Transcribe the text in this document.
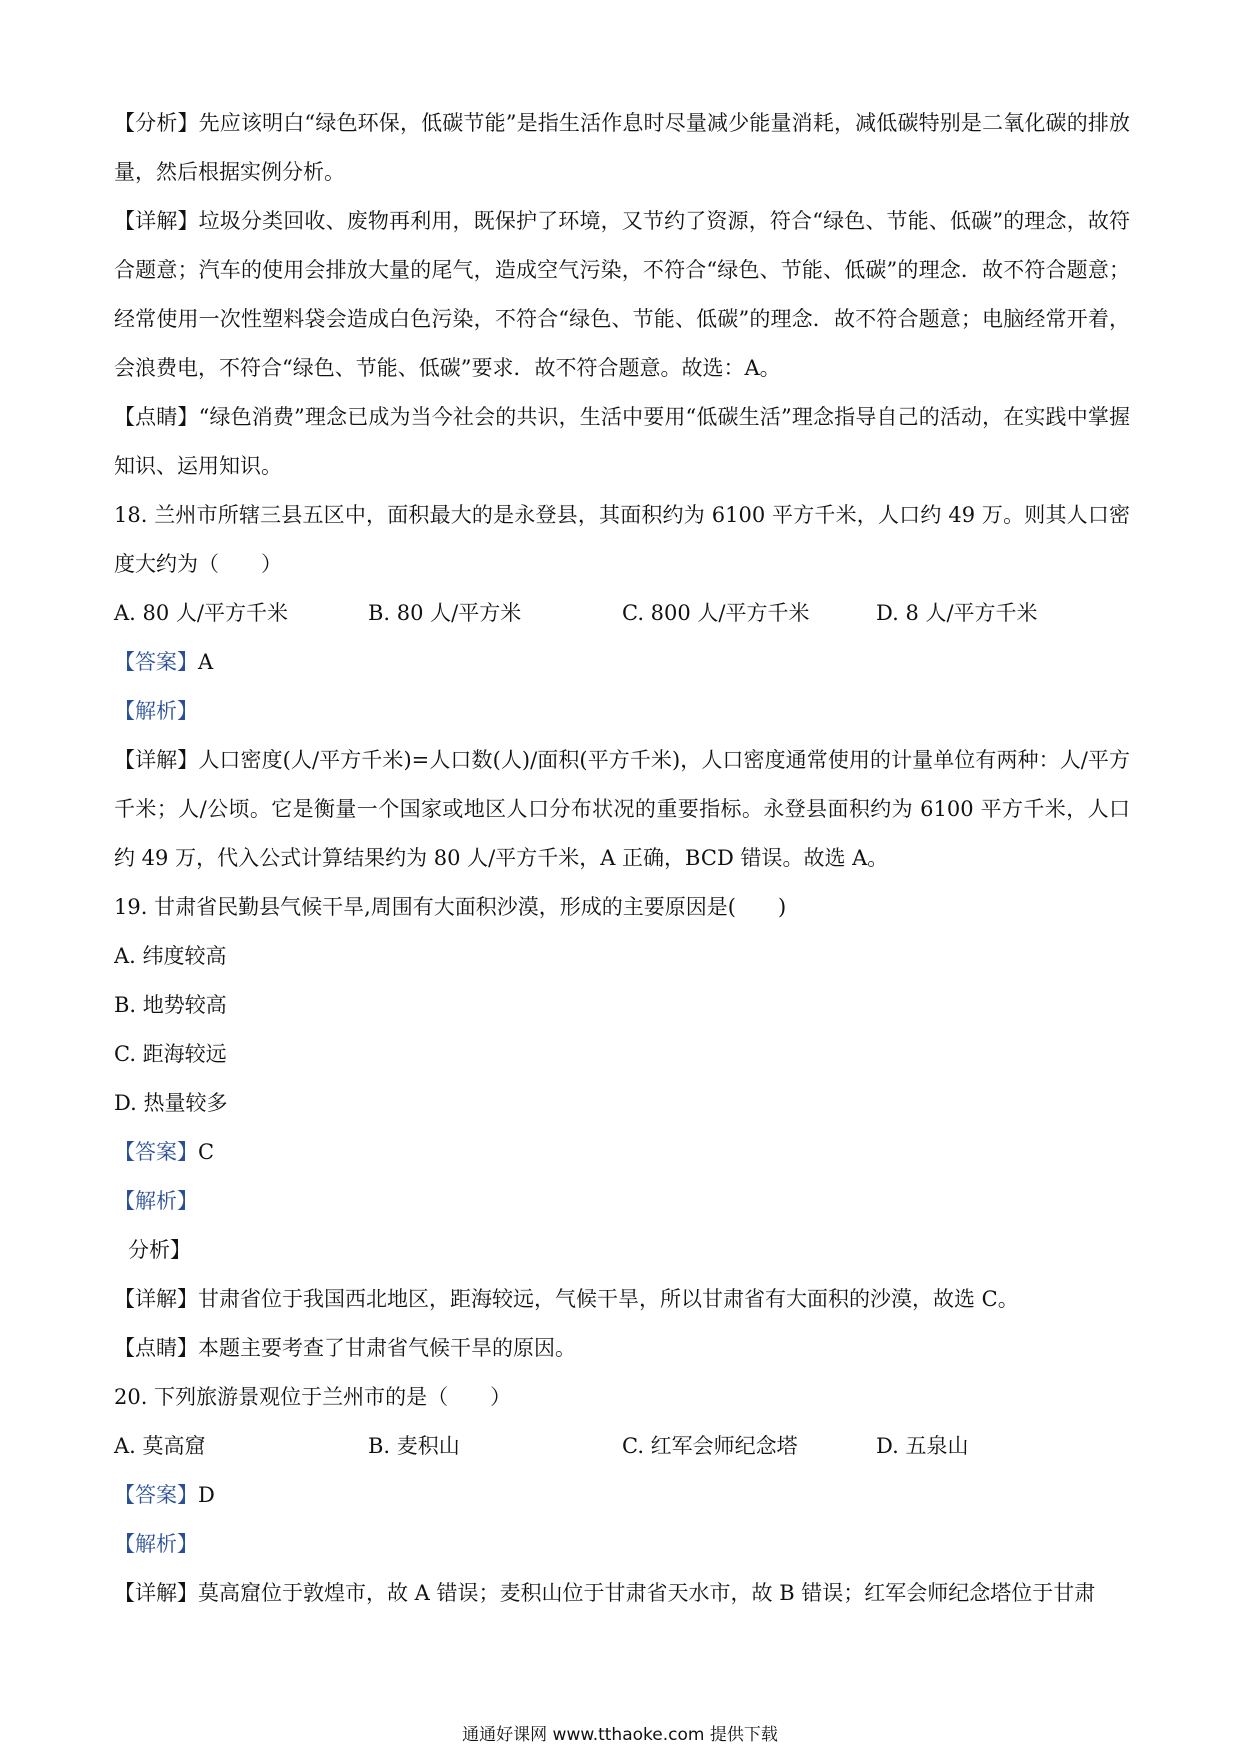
【分析】先应该明白“绿色环保，低碳节能”是指生活作息时尽量减少能量消耗，减低碳特别是二氧化碳的排放量，然后根据实例分析。
【详解】垃圾分类回收、废物再利用，既保护了环境，又节约了资源，符合“绿色、节能、低碳”的理念，故符合题意；汽车的使用会排放大量的尾气，造成空气污染，不符合“绿色、节能、低碳”的理念．故不符合题意；经常使用一次性塑料袋会造成白色污染，不符合“绿色、节能、低碳”的理念．故不符合题意；电脑经常开着，会浪费电，不符合“绿色、节能、低碳”要求．故不符合题意。故选：A。
【点睛】“绿色消费”理念已成为当今社会的共识，生活中要用“低碳生活”理念指导自己的活动，在实践中掌握知识、运用知识。
18. 兰州市所辖三县五区中，面积最大的是永登县，其面积约为 6100 平方千米，人口约 49 万。则其人口密度大约为（　　）
A. 80 人/平方千米	B. 80 人/平方米	C. 800 人/平方千米	D. 8 人/平方千米
【答案】A
【解析】
【详解】人口密度(人/平方千米)=人口数(人)/面积(平方千米)，人口密度通常使用的计量单位有两种：人/平方千米；人/公顷。它是衡量一个国家或地区人口分布状况的重要指标。永登县面积约为 6100 平方千米，人口约 49 万，代入公式计算结果约为 80 人/平方千米，A 正确，BCD 错误。故选 A。
19. 甘肃省民勤县气候干旱,周围有大面积沙漠，形成的主要原因是(　　)
A. 纬度较高
B. 地势较高
C. 距海较远
D. 热量较多
【答案】C
【解析】
分析】
【详解】甘肃省位于我国西北地区，距海较远，气候干旱，所以甘肃省有大面积的沙漠，故选 C。
【点睛】本题主要考查了甘肃省气候干旱的原因。
20. 下列旅游景观位于兰州市的是（　　）
A. 莫高窟	B. 麦积山	C. 红军会师纪念塔	D. 五泉山
【答案】D
【解析】
【详解】莫高窟位于敦煌市，故 A 错误；麦积山位于甘肃省天水市，故 B 错误；红军会师纪念塔位于甘肃
通通好课网 www.tthaoke.com 提供下载
